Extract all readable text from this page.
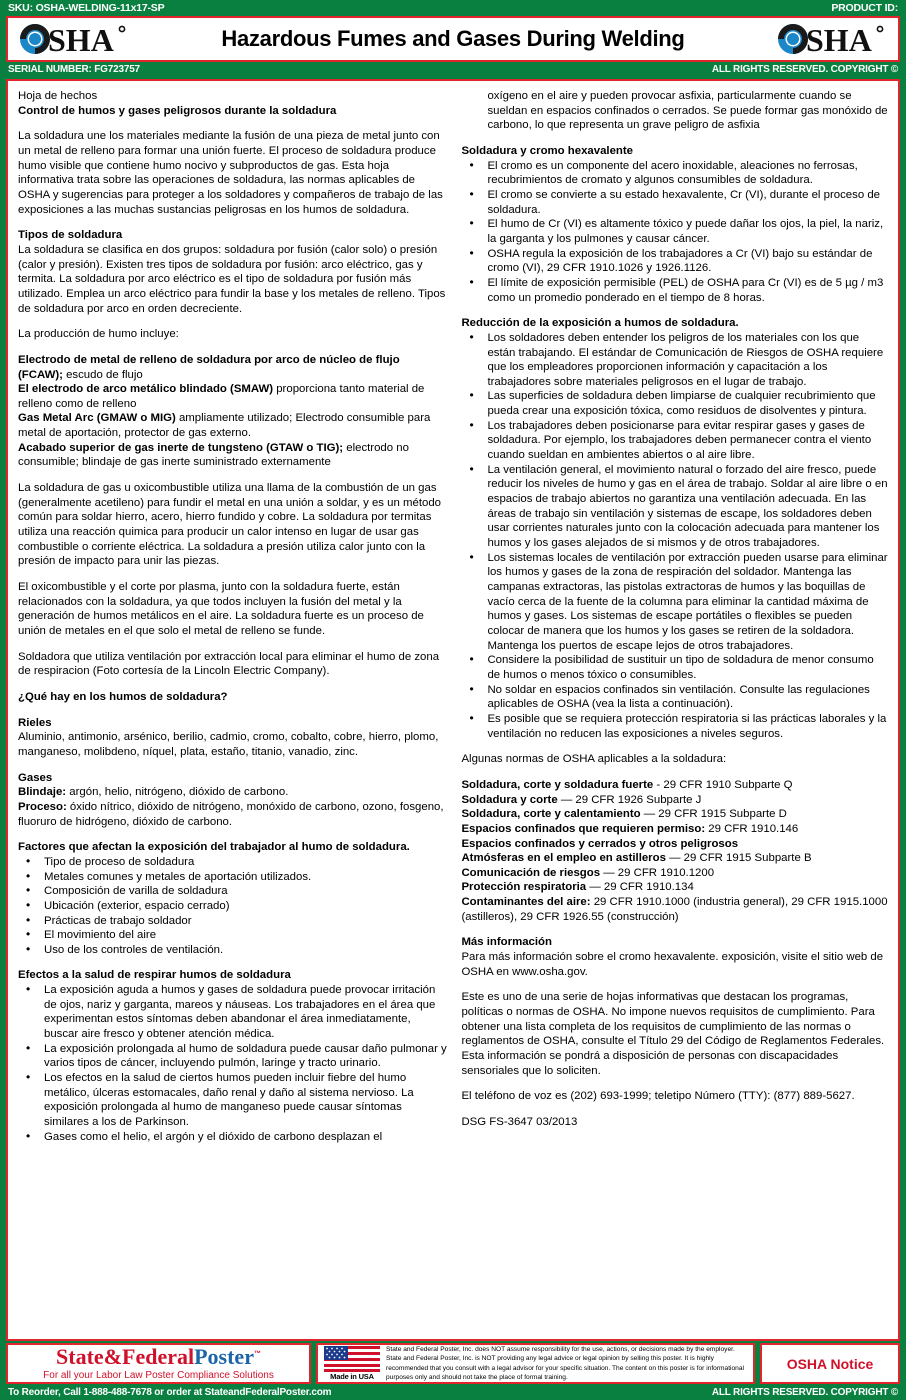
SKU: OSHA-WELDING-11x17-SP	PRODUCT ID:
SHA	Hazardous Fumes and Gases During Welding	SHA
SERIAL NUMBER: FG723757	ALL RIGHTS RESERVED. COPYRIGHT ©

Hoja de hechos

Control de humos y gases peligrosos durante la soldadura

La soldadura une los materiales mediante la fusión de una pieza de metal junto con un metal de relleno para formar una unión fuerte. El proceso de soldadura produce humo visible que contiene humo nocivo y subproductos de gas. Esta hoja informativa trata sobre las operaciones de soldadura, las normas aplicables de OSHA y sugerencias para proteger a los soldadores y compañeros de trabajo de las exposiciones a las muchas sustancias peligrosas en los humos de soldadura.

Tipos de soldadura

La soldadura se clasifica en dos grupos: soldadura por fusión (calor solo) o presión (calor y presión). Existen tres tipos de soldadura por fusión: arco eléctrico, gas y termita. La soldadura por arco eléctrico es el tipo de soldadura por fusión más utilizado. Emplea un arco eléctrico para fundir la base y los metales de relleno. Tipos de soldadura por arco en orden decreciente.

La producción de humo incluye:

Electrodo de metal de relleno de soldadura por arco de núcleo de flujo (FCAW); escudo de flujo

El electrodo de arco metálico blindado (SMAW) proporciona tanto material de relleno como de relleno

Gas Metal Arc (GMAW o MIG) ampliamente utilizado; Electrodo consumible para metal de aportación, protector de gas externo.

Acabado superior de gas inerte de tungsteno (GTAW o TIG); electrodo no consumible; blindaje de gas inerte suministrado externamente

La soldadura de gas u oxicombustible utiliza una llama de la combustión de un gas (generalmente acetileno) para fundir el metal en una unión a soldar, y es un método común para soldar hierro, acero, hierro fundido y cobre. La soldadura por termitas utiliza una reacción quimica para producir un calor intenso en lugar de usar gas combustible o corriente eléctrica. La soldadura a presión utiliza calor junto con la presión de impacto para unir las piezas.

El oxicombustible y el corte por plasma, junto con la soldadura fuerte, están relacionados con la soldadura, ya que todos incluyen la fusión del metal y la generación de humos metálicos en el aire. La soldadura fuerte es un proceso de unión de metales en el que solo el metal de relleno se funde.

Soldadora que utiliza ventilación por extracción local para eliminar el humo de zona de respiracion (Foto cortesía de la Lincoln Electric Company).

¿Qué hay en los humos de soldadura?

Rieles

Aluminio, antimonio, arsénico, berilio, cadmio, cromo, cobalto, cobre, hierro, plomo, manganeso, molibdeno, níquel, plata, estaño, titanio, vanadio, zinc.

Gases

Blindaje: argón, helio, nitrógeno, dióxido de carbono.

Proceso: óxido nítrico, dióxido de nitrógeno, monóxido de carbono, ozono, fosgeno, fluoruro de hidrógeno, dióxido de carbono.

Factores que afectan la exposición del trabajador al humo de soldadura.

• Tipo de proceso de soldadura
• Metales comunes y metales de aportación utilizados.
• Composición de varilla de soldadura
• Ubicación (exterior, espacio cerrado)
• Prácticas de trabajo soldador
• El movimiento del aire
• Uso de los controles de ventilación.

Efectos a la salud de respirar humos de soldadura

• La exposición aguda a humos y gases de soldadura puede provocar irritación de ojos, nariz y garganta, mareos y náuseas. Los trabajadores en el área que experimentan estos síntomas deben abandonar el área inmediatamente, buscar aire fresco y obtener atención médica.
• La exposición prolongada al humo de soldadura puede causar daño pulmonar y varios tipos de cáncer, incluyendo pulmón, laringe y tracto urinario.
• Los efectos en la salud de ciertos humos pueden incluir fiebre del humo metálico, úlceras estomacales, daño renal y daño al sistema nervioso. La exposición prolongada al humo de manganeso puede causar síntomas similares a los de Parkinson.
• Gases como el helio, el argón y el dióxido de carbono desplazan el

oxígeno en el aire y pueden provocar asfixia, particularmente cuando se sueldan en espacios confinados o cerrados. Se puede formar gas monóxido de carbono, lo que representa un grave peligro de asfixia

Soldadura y cromo hexavalente

• El cromo es un componente del acero inoxidable, aleaciones no ferrosas, recubrimientos de cromato y algunos consumibles de soldadura.
• El cromo se convierte a su estado hexavalente, Cr (VI), durante el proceso de soldadura.
• El humo de Cr (VI) es altamente tóxico y puede dañar los ojos, la piel, la nariz, la garganta y los pulmones y causar cáncer.
• OSHA regula la exposición de los trabajadores a Cr (VI) bajo su estándar de cromo (VI), 29 CFR 1910.1026 y 1926.1126.
• El límite de exposición permisible (PEL) de OSHA para Cr (VI) es de 5 µg / m3 como un promedio ponderado en el tiempo de 8 horas.

Reducción de la exposición a humos de soldadura.

• Los soldadores deben entender los peligros de los materiales con los que están trabajando. El estándar de Comunicación de Riesgos de OSHA requiere que los empleadores proporcionen información y capacitación a los trabajadores sobre materiales peligrosos en el lugar de trabajo.
• Las superficies de soldadura deben limpiarse de cualquier recubrimiento que pueda crear una exposición tóxica, como residuos de disolventes y pintura.
• Los trabajadores deben posicionarse para evitar respirar gases y gases de soldadura. Por ejemplo, los trabajadores deben permanecer contra el viento cuando sueldan en ambientes abiertos o al aire libre.
• La ventilación general, el movimiento natural o forzado del aire fresco, puede reducir los niveles de humo y gas en el área de trabajo. Soldar al aire libre o en espacios de trabajo abiertos no garantiza una ventilación adecuada. En las áreas de trabajo sin ventilación y sistemas de escape, los soldadores deben usar corrientes naturales junto con la colocación adecuada para mantener los humos y los gases alejados de si mismos y de otros trabajadores.
• Los sistemas locales de ventilación por extracción pueden usarse para eliminar los humos y gases de la zona de respiración del soldador. Mantenga las campanas extractoras, las pistolas extractoras de humos y las boquillas de vacío cerca de la fuente de la columna para eliminar la cantidad máxima de humos y gases. Los sistemas de escape portátiles o flexibles se pueden colocar de manera que los humos y los gases se retiren de la soldadora. Mantenga los puertos de escape lejos de otros trabajadores.
• Considere la posibilidad de sustituir un tipo de soldadura de menor consumo de humos o menos tóxico o consumibles.
• No soldar en espacios confinados sin ventilación. Consulte las regulaciones aplicables de OSHA (vea la lista a continuación).
• Es posible que se requiera protección respiratoria si las prácticas laborales y la ventilación no reducen las exposiciones a niveles seguros.

Algunas normas de OSHA aplicables a la soldadura:

Soldadura, corte y soldadura fuerte - 29 CFR 1910 Subparte Q

Soldadura y corte — 29 CFR 1926 Subparte J

Soldadura, corte y calentamiento — 29 CFR 1915 Subparte D

Espacios confinados que requieren permiso: 29 CFR 1910.146

Espacios confinados y cerrados y otros peligrosos

Atmósferas en el empleo en astilleros — 29 CFR 1915 Subparte B

Comunicación de riesgos — 29 CFR 1910.1200

Protección respiratoria — 29 CFR 1910.134

Contaminantes del aire: 29 CFR 1910.1000 (industria general), 29 CFR 1915.1000 (astilleros), 29 CFR 1926.55 (construcción)

Más información

Para más información sobre el cromo hexavalente. exposición, visite el sitio web de OSHA en www.osha.gov.

Este es uno de una serie de hojas informativas que destacan los programas, políticas o normas de OSHA. No impone nuevos requisitos de cumplimiento. Para obtener una lista completa de los requisitos de cumplimiento de las normas o reglamentos de OSHA, consulte el Título 29 del Código de Reglamentos Federales. Esta información se pondrá a disposición de personas con discapacidades sensoriales que lo soliciten.

El teléfono de voz es (202) 693-1999; teletipo Número (TTY): (877) 889-5627.

DSG FS-3647 03/2013

State&FederalPoster™
For all your Labor Law Poster Compliance Solutions	Made in USA
State and Federal Poster, Inc. does NOT assume responsibility for the use, actions, or decisions made by the employer. State and Federal Poster, Inc. is NOT providing any legal advice or legal opinion by selling this poster. It is highly recommended that you consult with a legal advisor for your specific situation. The content on this poster is for informational purposes only and should not take the place of formal training.
OSHA Notice
To Reorder, Call 1-888-488-7678 or order at StateandFederalPoster.com	ALL RIGHTS RESERVED. COPYRIGHT ©
